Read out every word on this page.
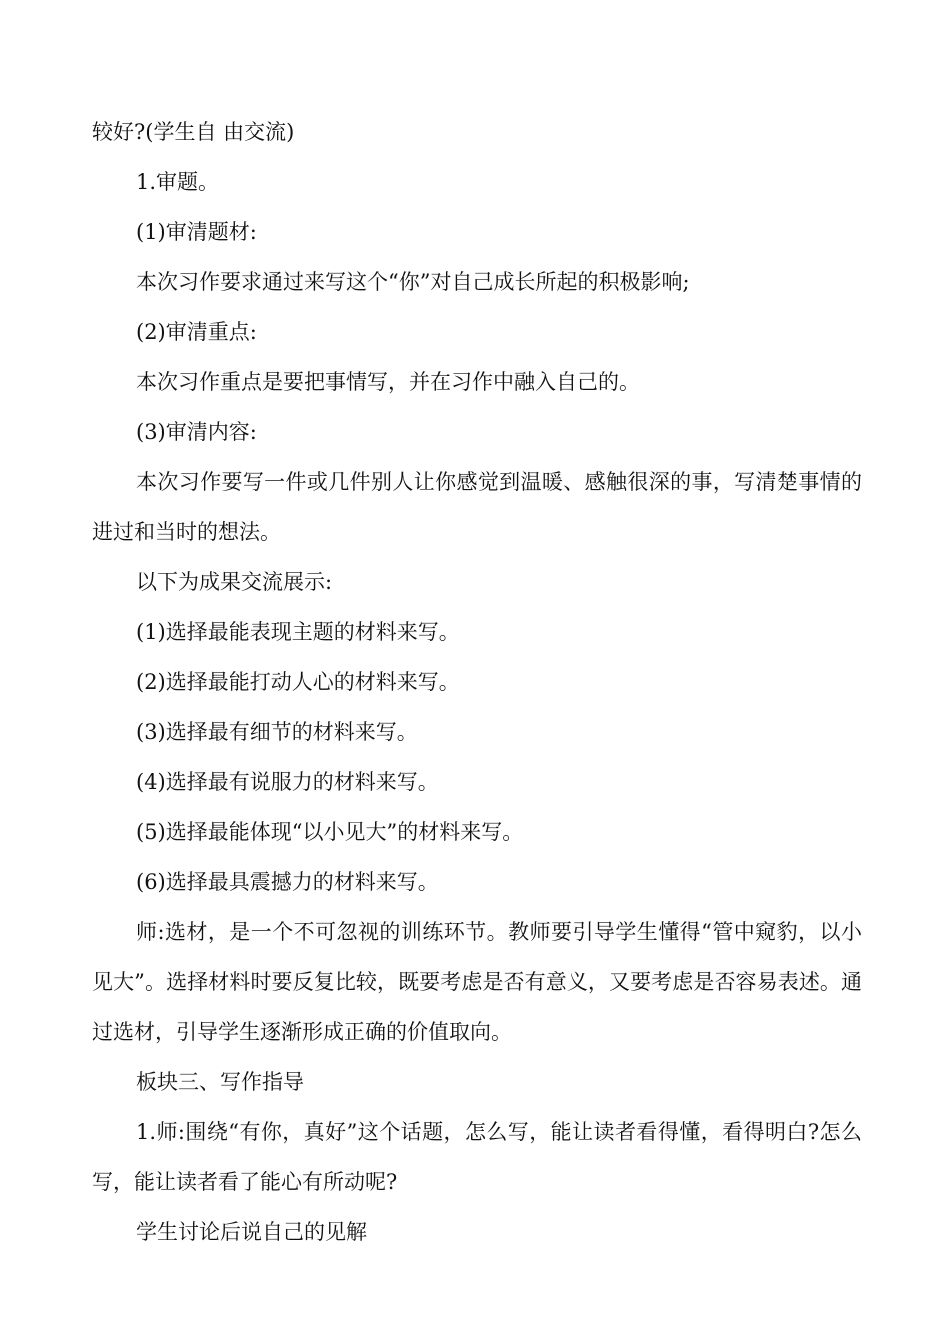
较好?(学生自 由交流)

1.审题。

(1)审清题材:

本次习作要求通过来写这个“你”对自己成长所起的积极影响;

(2)审清重点:

本次习作重点是要把事情写，并在习作中融入自己的。

(3)审清内容:

本次习作要写一件或几件别人让你感觉到温暖、感触很深的事，写清楚事情的进过和当时的想法。

以下为成果交流展示:

(1)选择最能表现主题的材料来写。

(2)选择最能打动人心的材料来写。

(3)选择最有细节的材料来写。

(4)选择最有说服力的材料来写。

(5)选择最能体现“以小见大”的材料来写。

(6)选择最具震撼力的材料来写。

师:选材，是一个不可忽视的训练环节。教师要引导学生懂得“管中窥豹，以小见大”。选择材料时要反复比较，既要考虑是否有意义，又要考虑是否容易表述。通过选材，引导学生逐渐形成正确的价值取向。

板块三、写作指导

1.师:围绕“有你，真好”这个话题，怎么写，能让读者看得懂，看得明白?怎么写，能让读者看了能心有所动呢?

学生讨论后说自己的见解
